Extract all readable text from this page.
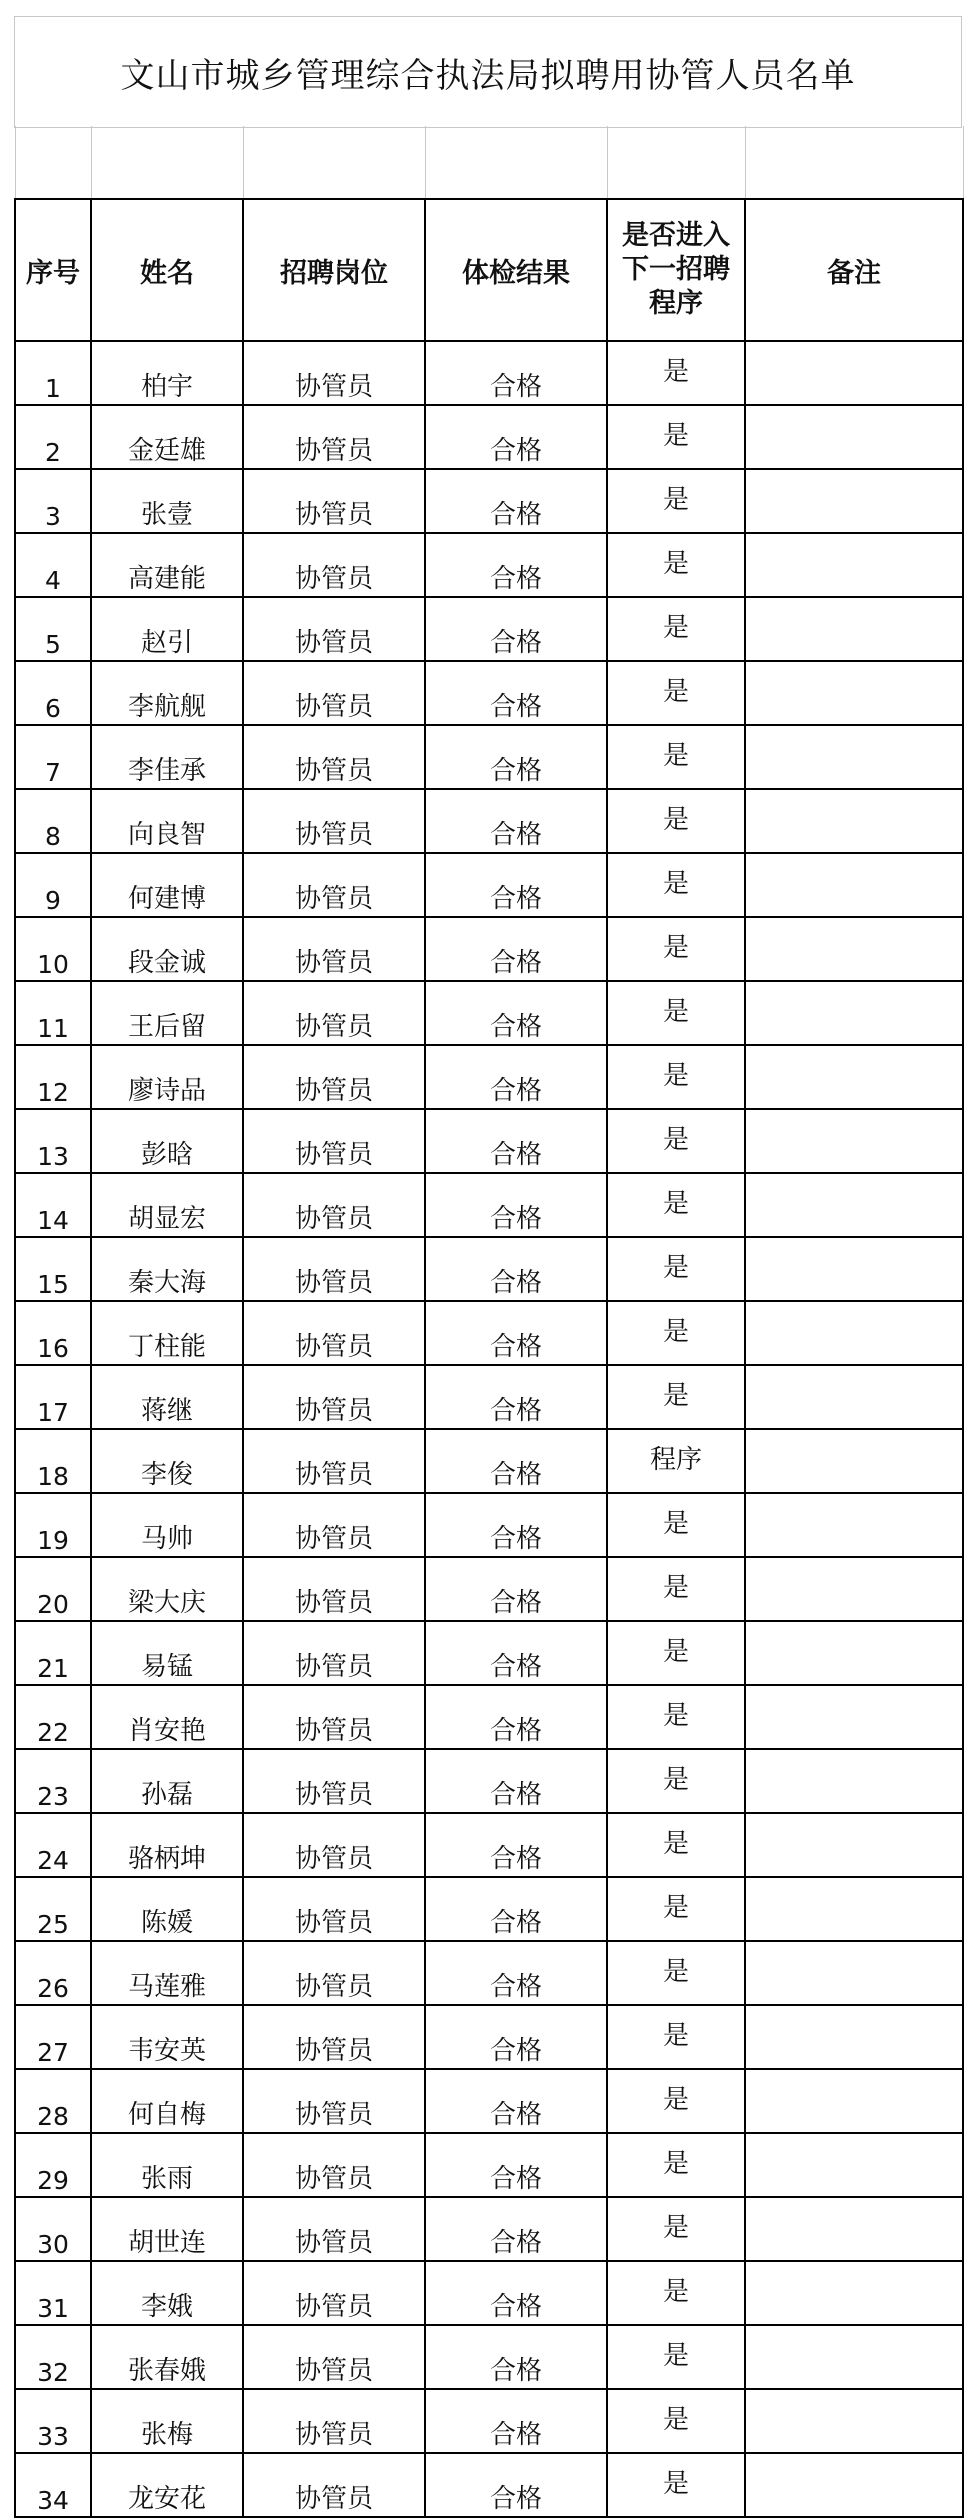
文山市城乡管理综合执法局拟聘用协管人员名单

序号	姓名	招聘岗位	体检结果	是否进入
下一招聘
程序	备注
1	柏宇	协管员	合格	是	
2	金廷雄	协管员	合格	是	
3	张壹	协管员	合格	是	
4	高建能	协管员	合格	是	
5	赵引	协管员	合格	是	
6	李航舰	协管员	合格	是	
7	李佳承	协管员	合格	是	
8	向良智	协管员	合格	是	
9	何建博	协管员	合格	是	
10	段金诚	协管员	合格	是	
11	王后留	协管员	合格	是	
12	廖诗品	协管员	合格	是	
13	彭晗	协管员	合格	是	
14	胡显宏	协管员	合格	是	
15	秦大海	协管员	合格	是	
16	丁柱能	协管员	合格	是	
17	蒋继	协管员	合格	是	
18	李俊	协管员	合格	程序	
19	马帅	协管员	合格	是	
20	梁大庆	协管员	合格	是	
21	易锰	协管员	合格	是	
22	肖安艳	协管员	合格	是	
23	孙磊	协管员	合格	是	
24	骆柄坤	协管员	合格	是	
25	陈媛	协管员	合格	是	
26	马莲雅	协管员	合格	是	
27	韦安英	协管员	合格	是	
28	何自梅	协管员	合格	是	
29	张雨	协管员	合格	是	
30	胡世连	协管员	合格	是	
31	李娥	协管员	合格	是	
32	张春娥	协管员	合格	是	
33	张梅	协管员	合格	是	
34	龙安花	协管员	合格	是	
